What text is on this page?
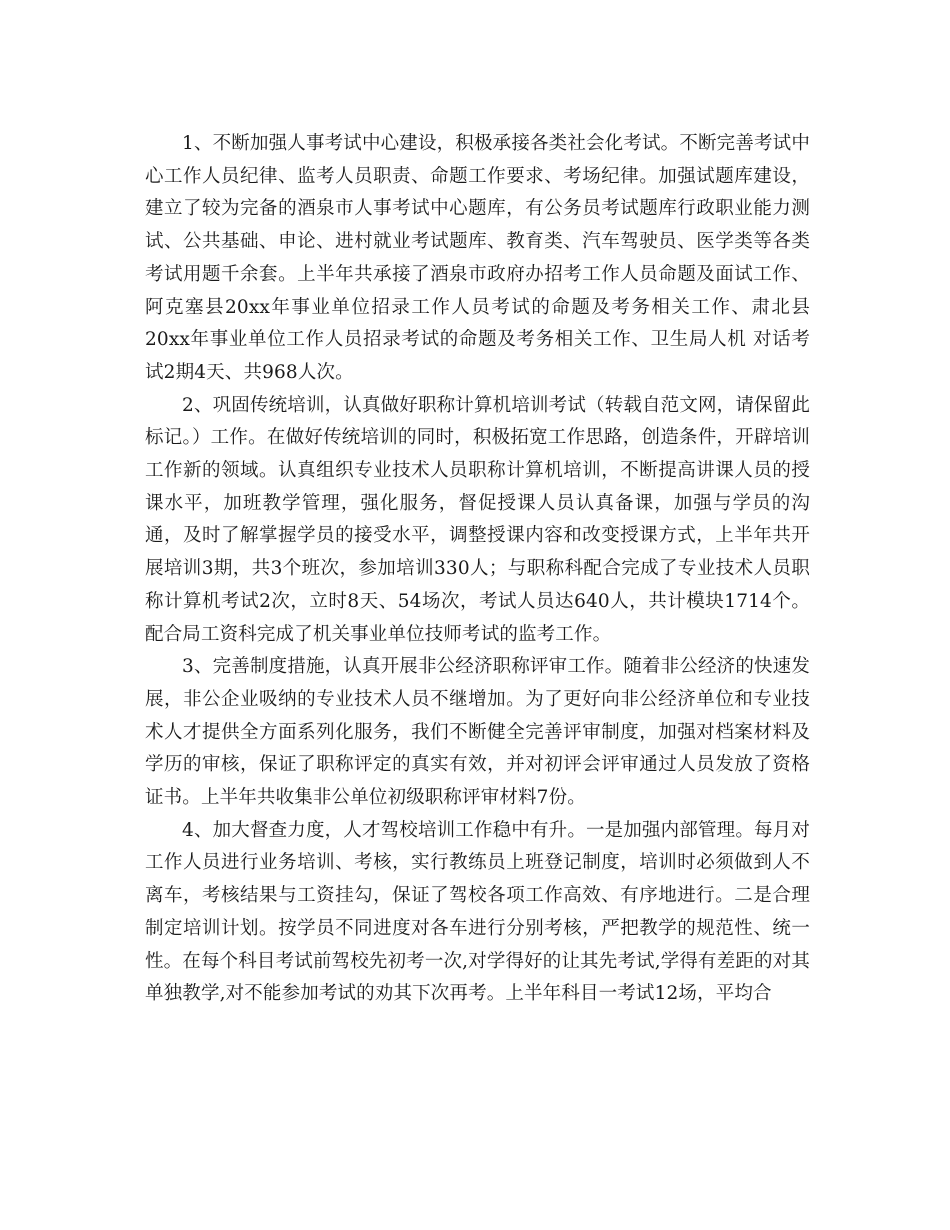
1、不断加强人事考试中心建设，积极承接各类社会化考试。不断完善考试中心工作人员纪律、监考人员职责、命题工作要求、考场纪律。加强试题库建设，建立了较为完备的酒泉市人事考试中心题库，有公务员考试题库行政职业能力测试、公共基础、申论、进村就业考试题库、教育类、汽车驾驶员、医学类等各类考试用题千余套。上半年共承接了酒泉市政府办招考工作人员命题及面试工作、阿克塞县20xx年事业单位招录工作人员考试的命题及考务相关工作、肃北县20xx年事业单位工作人员招录考试的命题及考务相关工作、卫生局人机 对话考试2期4天、共968人次。

2、巩固传统培训，认真做好职称计算机培训考试（转载自范文网，请保留此标记。）工作。在做好传统培训的同时，积极拓宽工作思路，创造条件，开辟培训工作新的领域。认真组织专业技术人员职称计算机培训，不断提高讲课人员的授课水平，加班教学管理，强化服务，督促授课人员认真备课，加强与学员的沟通，及时了解掌握学员的接受水平，调整授课内容和改变授课方式，上半年共开展培训3期，共3个班次，参加培训330人；与职称科配合完成了专业技术人员职称计算机考试2次，立时8天、54场次，考试人员达640人，共计模块1714个。配合局工资科完成了机关事业单位技师考试的监考工作。

3、完善制度措施，认真开展非公经济职称评审工作。随着非公经济的快速发展，非公企业吸纳的专业技术人员不继增加。为了更好向非公经济单位和专业技术人才提供全方面系列化服务，我们不断健全完善评审制度，加强对档案材料及学历的审核，保证了职称评定的真实有效，并对初评会评审通过人员发放了资格证书。上半年共收集非公单位初级职称评审材料7份。

4、加大督查力度，人才驾校培训工作稳中有升。一是加强内部管理。每月对工作人员进行业务培训、考核，实行教练员上班登记制度，培训时必须做到人不离车，考核结果与工资挂勾，保证了驾校各项工作高效、有序地进行。二是合理制定培训计划。按学员不同进度对各车进行分别考核，严把教学的规范性、统一性。在每个科目考试前驾校先初考一次,对学得好的让其先考试,学得有差距的对其单独教学,对不能参加考试的劝其下次再考。上半年科目一考试12场，平均合
